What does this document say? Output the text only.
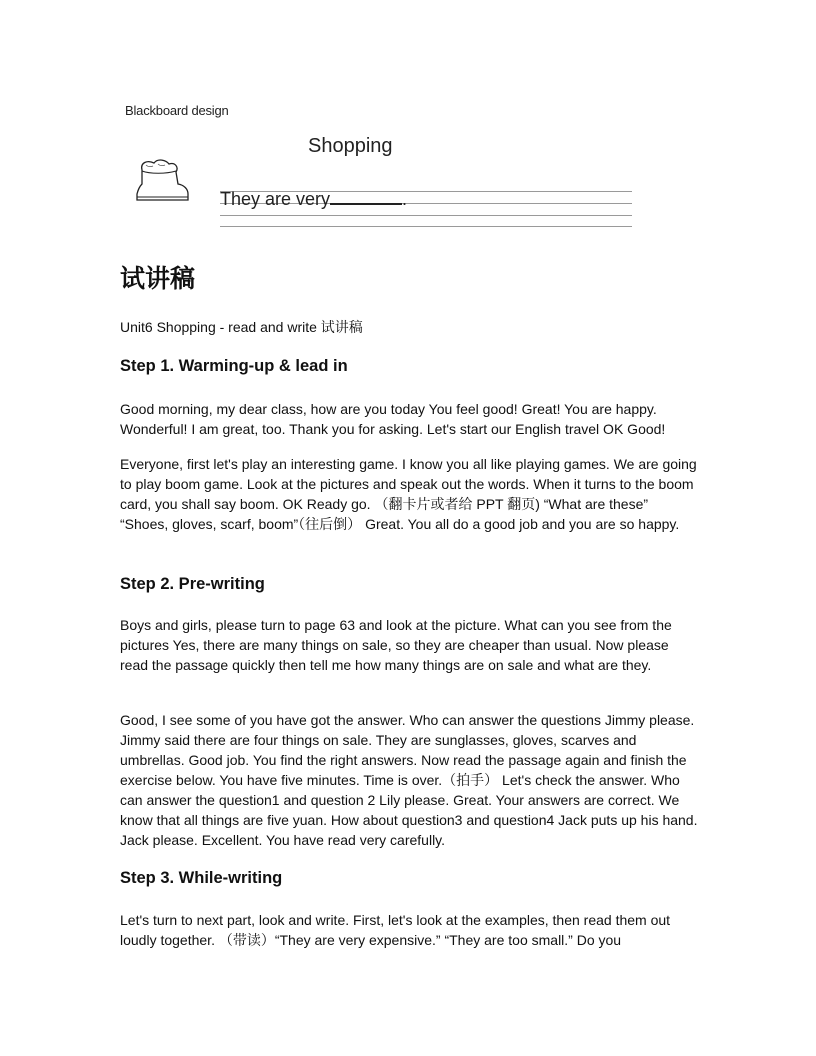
Blackboard design
Shopping
They are very	.
试讲稿
Unit6 Shopping - read and write 试讲稿
Step 1. Warming-up & lead in
Good morning, my dear class, how are you today You feel good! Great! You are happy. Wonderful! I am great, too. Thank you for asking. Let's start our English travel OK Good!
Everyone, first let's play an interesting game. I know you all like playing games. We are going to play boom game. Look at the pictures and speak out the words. When it turns to the boom card, you shall say boom. OK Ready go. （翻卡片或者给 PPT 翻页) “What are these” “Shoes, gloves, scarf, boom”（往后倒） Great. You all do a good job and you are so happy.
Step 2. Pre-writing
Boys and girls, please turn to page 63 and look at the picture. What can you see from the pictures Yes, there are many things on sale, so they are cheaper than usual. Now please read the passage quickly then tell me how many things are on sale and what are they.
Good, I see some of you have got the answer. Who can answer the questions Jimmy please. Jimmy said there are four things on sale. They are sunglasses, gloves, scarves and umbrellas. Good job. You find the right answers. Now read the passage again and finish the exercise below. You have five minutes. Time is over.（拍手） Let's check the answer. Who can answer the question1 and question 2 Lily please. Great. Your answers are correct. We know that all things are five yuan. How about question3 and question4 Jack puts up his hand. Jack please. Excellent. You have read very carefully.
Step 3. While-writing
Let's turn to next part, look and write. First, let's look at the examples, then read them out loudly together. （带读）“They are very expensive.” “They are too small.” Do you
